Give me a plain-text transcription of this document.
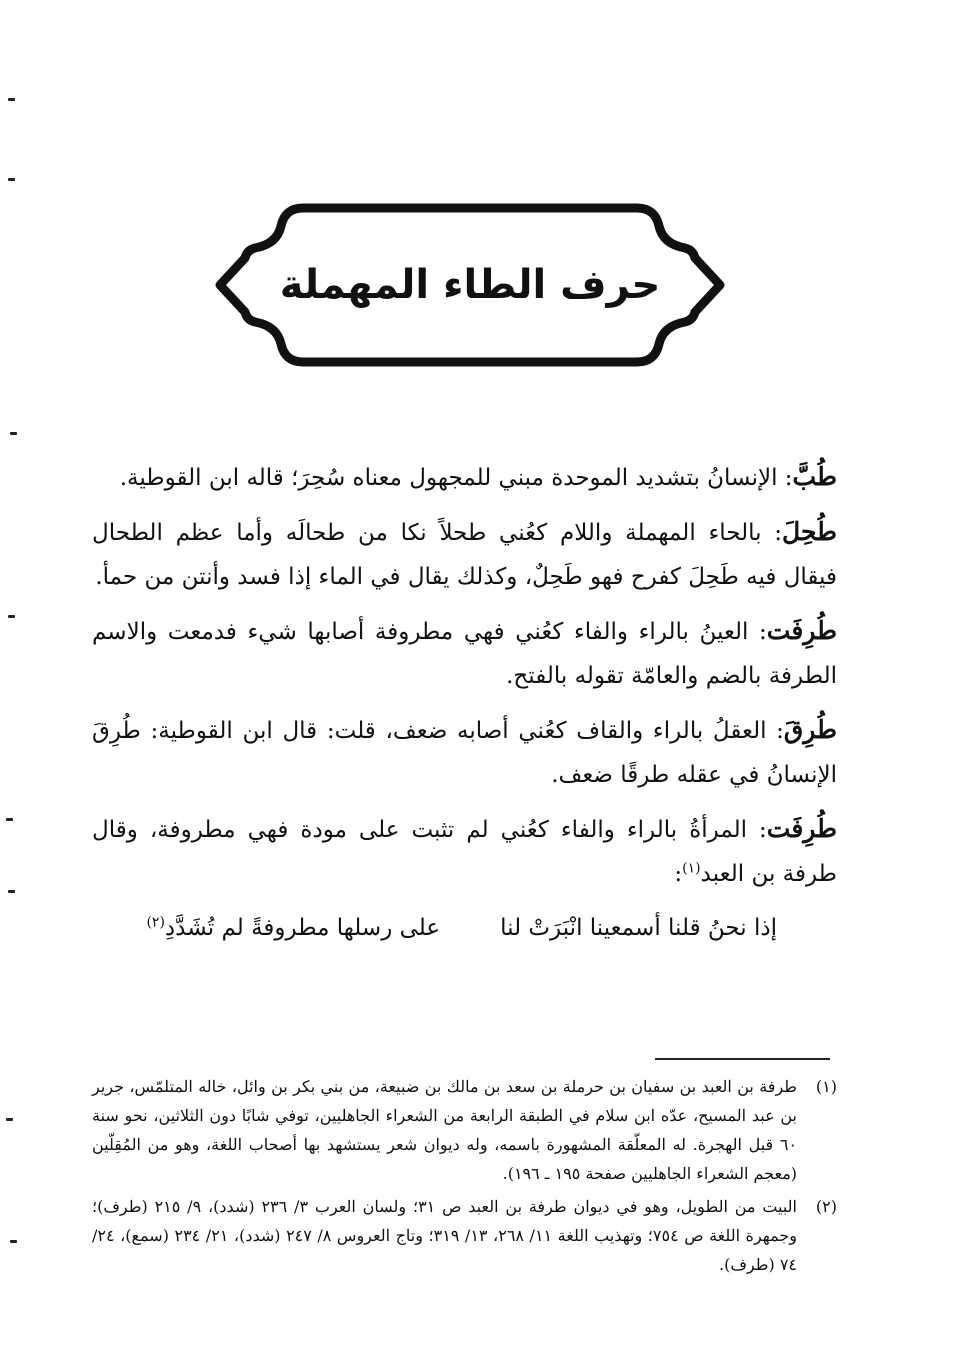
حرف الطاء المهملة
طُبَّ: الإنسانُ بتشديد الموحدة مبني للمجهول معناه سُحِرَ؛ قاله ابن القوطية.
طُحِلَ: بالحاء المهملة واللام كعُني طحلاً نكا من طحالَه وأما عظم الطحال فيقال فيه طَحِلَ كفرح فهو طَحِلٌ، وكذلك يقال في الماء إذا فسد وأنتن من حمأ.
طُرِفَت: العينُ بالراء والفاء كعُني فهي مطروفة أصابها شيء فدمعت والاسم الطرفة بالضم والعامّة تقوله بالفتح.
طُرِقَ: العقلُ بالراء والقاف كعُني أصابه ضعف، قلت: قال ابن القوطية: طُرِقَ الإنسانُ في عقله طرقًا ضعف.
طُرِفَت: المرأةُ بالراء والفاء كعُني لم تثبت على مودة فهي مطروفة، وقال طرفة بن العبد$^{(١)}$:
إذا نحنُ قلنا أسمعينا انْبَرَتْ لنا
على رسلها مطروفةً لم تُشَدَّدِ$^{(٢)}$
(١)
طرفة بن العبد بن سفيان بن حرملة بن سعد بن مالك بن ضبيعة، من بني بكر بن وائل، خاله المتلمّس، جرير بن عبد المسيح، عدّه ابن سلام في الطبقة الرابعة من الشعراء الجاهليين، توفي شابًا دون الثلاثين، نحو سنة ٦٠ قبل الهجرة. له المعلّقة المشهورة باسمه، وله ديوان شعر يستشهد بها أصحاب اللغة، وهو من المُقِلّين (معجم الشعراء الجاهليين صفحة ١٩٥ ـ ١٩٦).
(٢)
البيت من الطويل، وهو في ديوان طرفة بن العبد ص ٣١؛ ولسان العرب ٣/ ٢٣٦ (شدد)، ٩/ ٢١٥ (طرف)؛ وجمهرة اللغة ص ٧٥٤؛ وتهذيب اللغة ١١/ ٢٦٨، ١٣/ ٣١٩؛ وتاج العروس ٨/ ٢٤٧ (شدد)، ٢١/ ٢٣٤ (سمع)، ٢٤/ ٧٤ (طرف).
